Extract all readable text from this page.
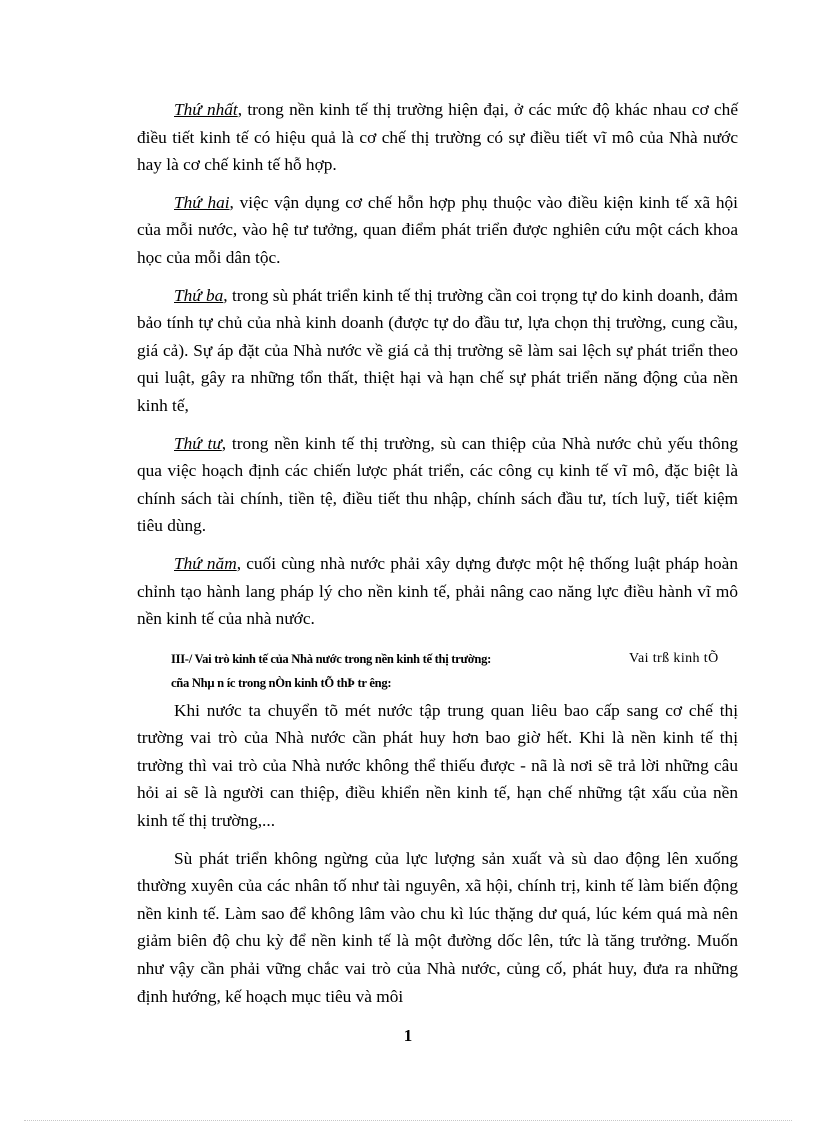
Thứ nhất, trong nền kinh tế thị trường hiện đại, ở các mức độ khác nhau cơ chế điều tiết kinh tế có hiệu quả là cơ chế thị trường có sự điều tiết vĩ mô của Nhà nước hay là cơ chế kinh tế hỗ hợp.

Thứ hai, việc vận dụng cơ chế hỗn hợp phụ thuộc vào điều kiện kinh tế xã hội của mỗi nước, vào hệ tư tưởng, quan điểm phát triển được nghiên cứu một cách khoa học của mỗi dân tộc.

Thứ ba, trong sù phát triển kinh tế thị trường cần coi trọng tự do kinh doanh, đảm bảo tính tự chủ của nhà kinh doanh (được tự do đầu tư, lựa chọn thị trường, cung cầu, giá cả). Sự áp đặt của Nhà nước về giá cả thị trường sẽ làm sai lệch sự phát triển theo qui luật, gây ra những tổn thất, thiệt hại và hạn chế sự phát triển năng động của nền kinh tế,

Thứ tư, trong nền kinh tế thị trường, sù can thiệp của Nhà nước chủ yếu thông qua việc hoạch định các chiến lược phát triển, các công cụ kinh tế vĩ mô, đặc biệt là chính sách tài chính, tiền tệ, điều tiết thu nhập, chính sách đầu tư, tích luỹ, tiết kiệm tiêu dùng.

Thứ năm, cuối cùng nhà nước phải xây dựng được một hệ thống luật pháp hoàn chỉnh tạo hành lang pháp lý cho nền kinh tế, phải nâng cao năng lực điều hành vĩ mô nền kinh tế của nhà nước.

III-/ Vai trò kinh tế của Nhà nước trong nền kinh tế thị trường:	Vai trß kinh tÕ
cña Nhµ n íc trong nÒn kinh tÕ thÞ tr êng:

Khi nước ta chuyển tõ mét nước tập trung quan liêu bao cấp sang cơ chế thị trường vai trò của Nhà nước cần phát huy hơn bao giờ hết. Khi là nền kinh tế thị trường thì vai trò của Nhà nước không thể thiếu được - nã là nơi sẽ trả lời những câu hỏi ai sẽ là người can thiệp, điều khiển nền kinh tế, hạn chế những tật xấu của nền kinh tế thị trường,...

Sù phát triển không ngừng của lực lượng sản xuất và sù dao động lên xuống thường xuyên của các nhân tố như tài nguyên, xã hội, chính trị, kinh tế làm biến động nền kinh tế. Làm sao để không lâm vào chu kì lúc thặng dư quá, lúc kém quá mà nên giảm biên độ chu kỳ để nền kinh tế là một đường dốc lên, tức là tăng trưởng. Muốn như vậy cần phải vững chắc vai trò của Nhà nước, củng cố, phát huy, đưa ra những định hướng, kế hoạch mục tiêu và môi

1
